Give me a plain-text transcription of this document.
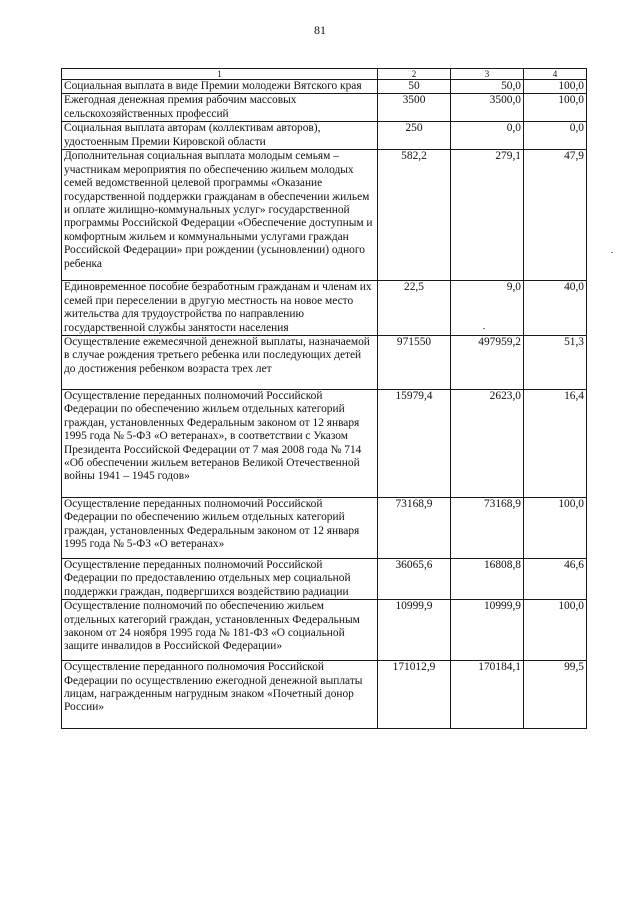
81
1	2	3	4
Социальная выплата в виде Премии молодежи Вятского края	50	50,0	100,0
Ежегодная денежная премия рабочим массовых сельскохозяйственных профессий	3500	3500,0	100,0
Социальная выплата авторам (коллективам авторов), удостоенным Премии Кировской области	250	0,0	0,0
Дополнительная социальная выплата молодым семьям – участникам мероприятия по обеспечению жильем молодых семей ведомственной целевой программы «Оказание государственной поддержки гражданам в обеспечении жильем и оплате жилищно-коммунальных услуг» государственной программы Российской Федерации «Обеспечение доступным и комфортным жильем и коммунальными услугами граждан Российской Федерации» при рождении (усыновлении) одного ребенка	582,2	279,1	47,9
Единовременное пособие безработным гражданам и членам их семей при переселении в другую местность на новое место жительства для трудоустройства по направлению государственной службы занятости населения	22,5	9,0	40,0
Осуществление ежемесячной денежной выплаты, назначаемой в случае рождения третьего ребенка или последующих детей до достижения ребенком возраста трех лет	971550	497959,2	51,3
Осуществление переданных полномочий Российской Федерации по обеспечению жильем отдельных категорий граждан, установленных Федеральным законом от 12 января 1995 года № 5-ФЗ «О ветеранах», в соответствии с Указом Президента Российской Федерации от 7 мая 2008 года № 714 «Об обеспечении жильем ветеранов Великой Отечественной войны 1941 – 1945 годов»	15979,4	2623,0	16,4
Осуществление переданных полномочий Российской Федерации по обеспечению жильем отдельных категорий граждан, установленных Федеральным законом от 12 января 1995 года № 5-ФЗ «О ветеранах»	73168,9	73168,9	100,0
Осуществление переданных полномочий Российской Федерации по предоставлению отдельных мер социальной поддержки граждан, подвергшихся воздействию радиации	36065,6	16808,8	46,6
Осуществление полномочий по обеспечению жильем отдельных категорий граждан, установленных Федеральным законом от 24 ноября 1995 года № 181-ФЗ «О социальной защите инвалидов в Российской Федерации»	10999,9	10999,9	100,0
Осуществление переданного полномочия Российской Федерации по осуществлению ежегодной денежной выплаты лицам, награжденным нагрудным знаком «Почетный донор России»	171012,9	170184,1	99,5
